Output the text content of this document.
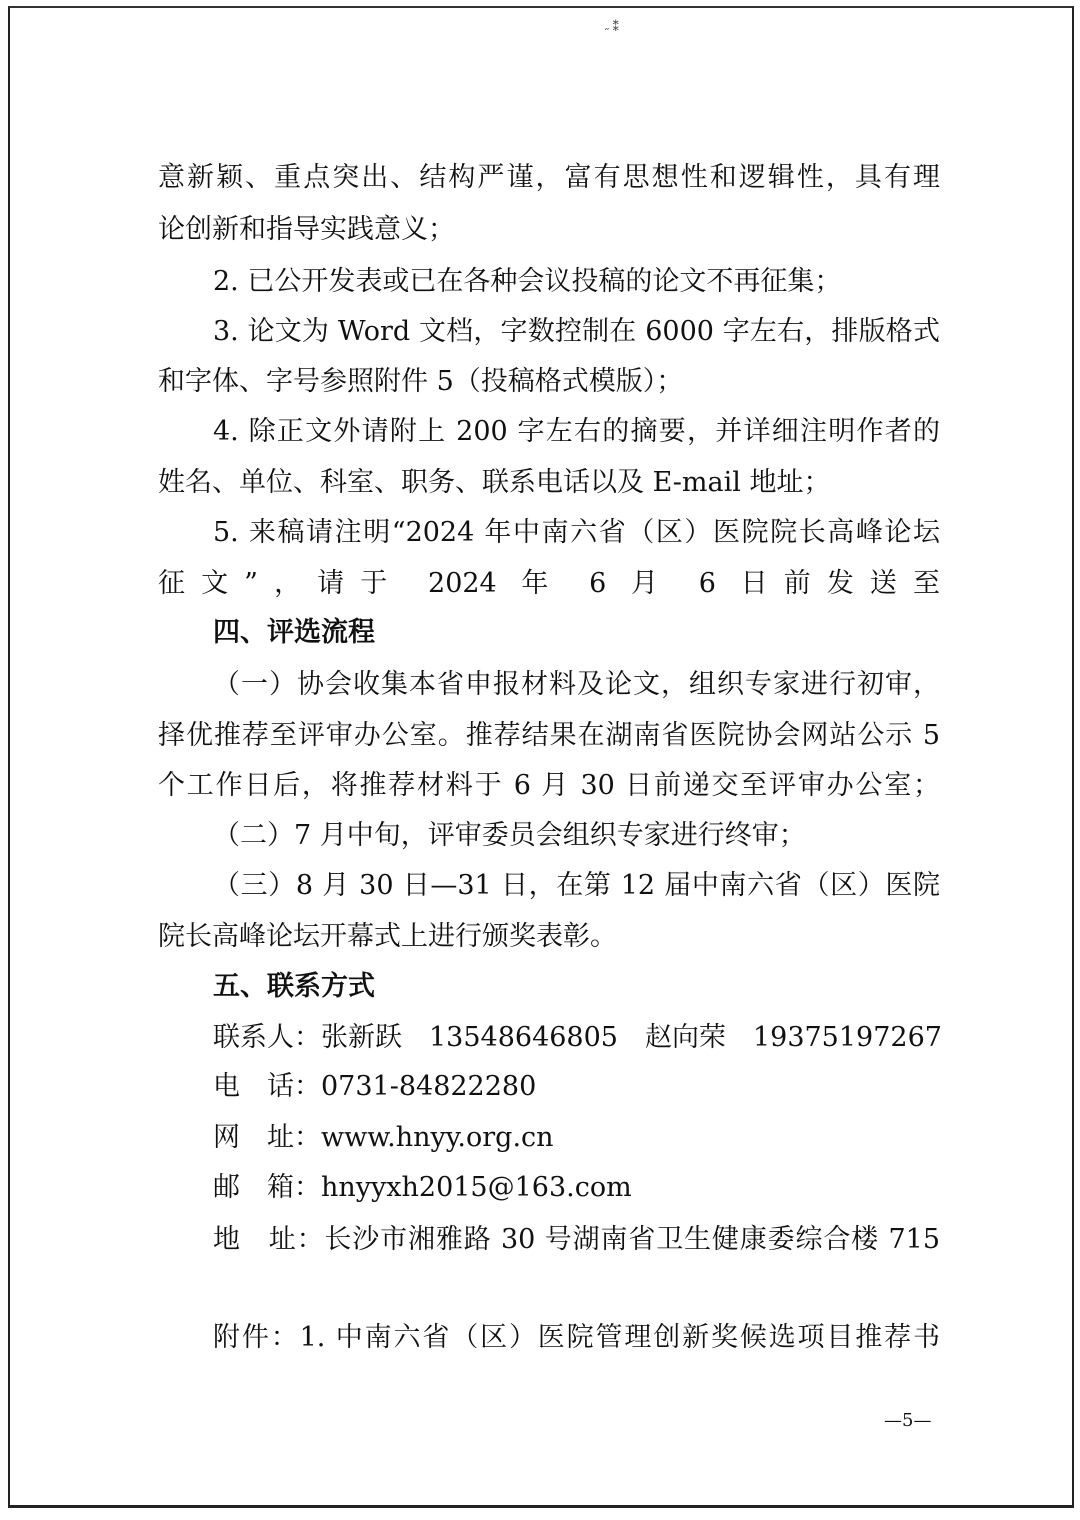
˶ ⁑
意新颖、重点突出、结构严谨，富有思想性和逻辑性，具有理
论创新和指导实践意义；
2. 已公开发表或已在各种会议投稿的论文不再征集；
3. 论文为 Word 文档，字数控制在 6000 字左右，排版格式
和字体、字号参照附件 5（投稿格式模版）；
4. 除正文外请附上 200 字左右的摘要，并详细注明作者的
姓名、单位、科室、职务、联系电话以及 E-mail 地址；
5. 来稿请注明“2024 年中南六省（区）医院院长高峰论坛
征文”，请于 2024 年 6 月 6 日前发送至
四、评选流程
（一）协会收集本省申报材料及论文，组织专家进行初审，
择优推荐至评审办公室。推荐结果在湖南省医院协会网站公示 5
个工作日后，将推荐材料于 6 月 30 日前递交至评审办公室；
（二）7 月中旬，评审委员会组织专家进行终审；
（三）8 月 30 日—31 日，在第 12 届中南六省（区）医院
院长高峰论坛开幕式上进行颁奖表彰。
五、联系方式
联系人：张新跃　13548646805　赵向荣　19375197267
电　话：0731-84822280
网　址：www.hnyy.org.cn
邮　箱：hnyyxh2015@163.com
地　址：长沙市湘雅路 30 号湖南省卫生健康委综合楼 715
附件：1. 中南六省（区）医院管理创新奖候选项目推荐书
—5—
